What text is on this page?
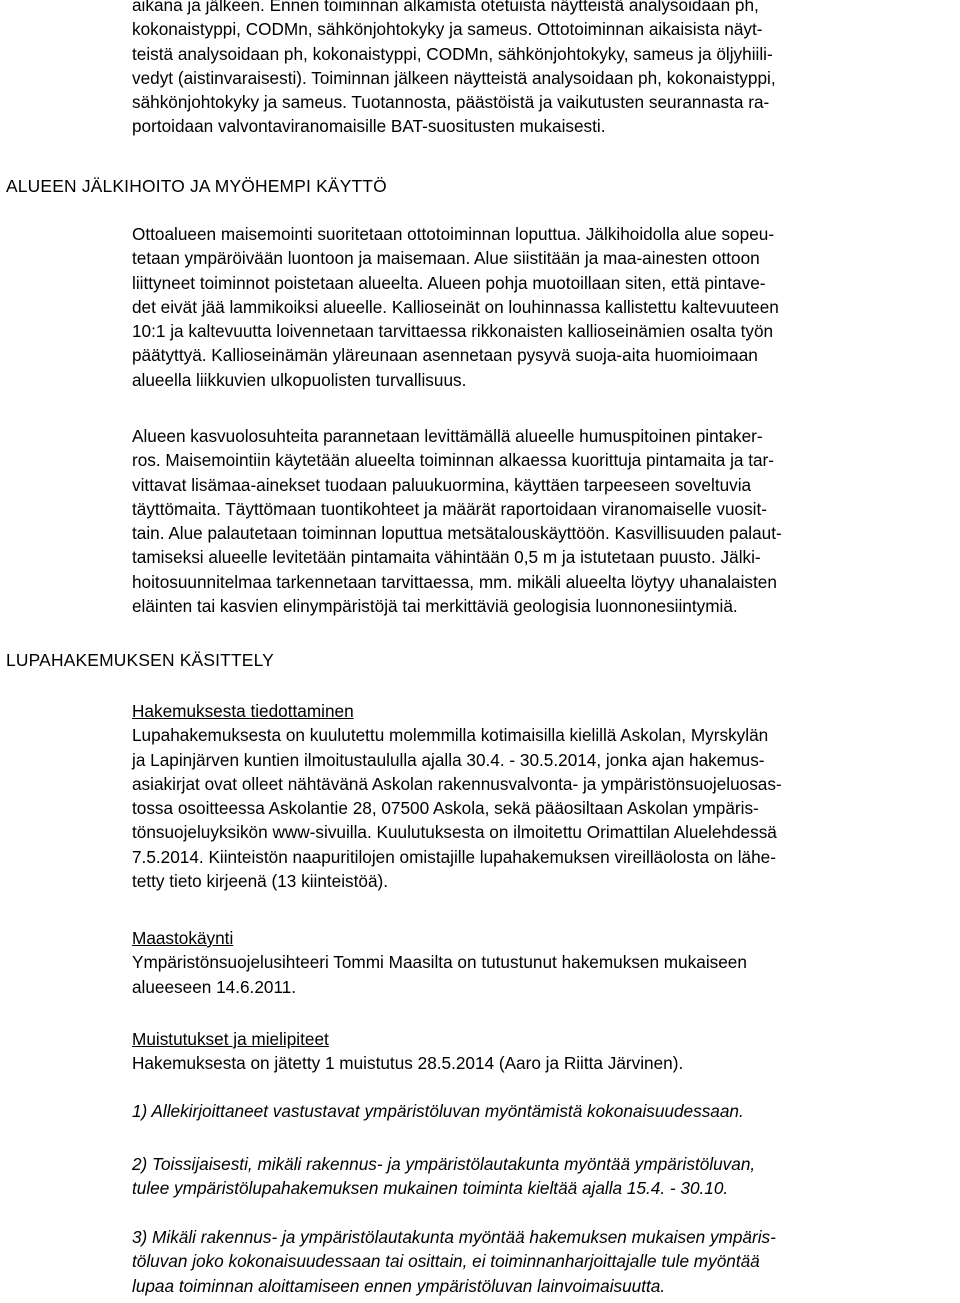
aikana ja jälkeen. Ennen toiminnan alkamista otetuista näytteistä analysoidaan ph,
kokonaistyppi, CODMn, sähkönjohtokyky ja sameus. Ottotoiminnan aikaisista näyt-
teistä analysoidaan ph, kokonaistyppi, CODMn, sähkönjohtokyky, sameus ja öljyhiili-
vedyt (aistinvaraisesti). Toiminnan jälkeen näytteistä analysoidaan ph, kokonaistyppi,
sähkönjohtokyky ja sameus. Tuotannosta, päästöistä ja vaikutusten seurannasta ra-
portoidaan valvontaviranomaisille BAT-suositusten mukaisesti.
ALUEEN JÄLKIHOITO JA MYÖHEMPI KÄYTTÖ
Ottoalueen maisemointi suoritetaan ottotoiminnan loputtua. Jälkihoidolla alue sopeu-
tetaan ympäröivään luontoon ja maisemaan. Alue siistitään ja maa-ainesten ottoon
liittyneet toiminnot poistetaan alueelta. Alueen pohja muotoillaan siten, että pintave-
det eivät jää lammikoiksi alueelle. Kallioseinät on louhinnassa kallistettu kaltevuuteen
10:1 ja kaltevuutta loivennetaan tarvittaessa rikkonaisten kallioseinämien osalta työn
päätyttyä. Kallioseinämän yläreunaan asennetaan pysyvä suoja-aita huomioimaan
alueella liikkuvien ulkopuolisten turvallisuus.
Alueen kasvuolosuhteita parannetaan levittämällä alueelle humuspitoinen pintaker-
ros. Maisemointiin käytetään alueelta toiminnan alkaessa kuorittuja pintamaita ja tar-
vittavat lisämaa-ainekset tuodaan paluukuormina, käyttäen tarpeeseen soveltuvia
täyttömaita. Täyttömaan tuontikohteet ja määrät raportoidaan viranomaiselle vuosit-
tain. Alue palautetaan toiminnan loputtua metsätalouskäyttöön. Kasvillisuuden palaut-
tamiseksi alueelle levitetään pintamaita vähintään 0,5 m ja istutetaan puusto. Jälki-
hoitosuunnitelmaa tarkennetaan tarvittaessa, mm. mikäli alueelta löytyy uhanalaisten
eläinten tai kasvien elinympäristöjä tai merkittäviä geologisia luonnonesiintymiä.
LUPAHAKEMUKSEN KÄSITTELY
Hakemuksesta tiedottaminen
Lupahakemuksesta on kuulutettu molemmilla kotimaisilla kielillä Askolan, Myrskylän
ja Lapinjärven kuntien ilmoitustaululla ajalla 30.4. - 30.5.2014, jonka ajan hakemus-
asiakirjat ovat olleet nähtävänä Askolan rakennusvalvonta- ja ympäristönsuojeluosas-
tossa osoitteessa Askolantie 28, 07500 Askola, sekä pääosiltaan Askolan ympäris-
tönsuojeluyksikön www-sivuilla. Kuulutuksesta on ilmoitettu Orimattilan Aluelehdessä
7.5.2014. Kiinteistön naapuritilojen omistajille lupahakemuksen vireilläolosta on lähe-
tetty tieto kirjeenä (13 kiinteistöä).
Maastokäynti
Ympäristönsuojelusihteeri Tommi Maasilta on tutustunut hakemuksen mukaiseen
alueeseen 14.6.2011.
Muistutukset ja mielipiteet
Hakemuksesta on jätetty 1 muistutus 28.5.2014 (Aaro ja Riitta Järvinen).
1) Allekirjoittaneet vastustavat ympäristöluvan myöntämistä kokonaisuudessaan.
2) Toissijaisesti, mikäli rakennus- ja ympäristölautakunta myöntää ympäristöluvan,
tulee ympäristölupahakemuksen mukainen toiminta kieltää ajalla 15.4. - 30.10.
3) Mikäli rakennus- ja ympäristölautakunta myöntää hakemuksen mukaisen ympäris-
töluvan joko kokonaisuudessaan tai osittain, ei toiminnanharjoittajalle tule myöntää
lupaa toiminnan aloittamiseen ennen ympäristöluvan lainvoimaisuutta.
